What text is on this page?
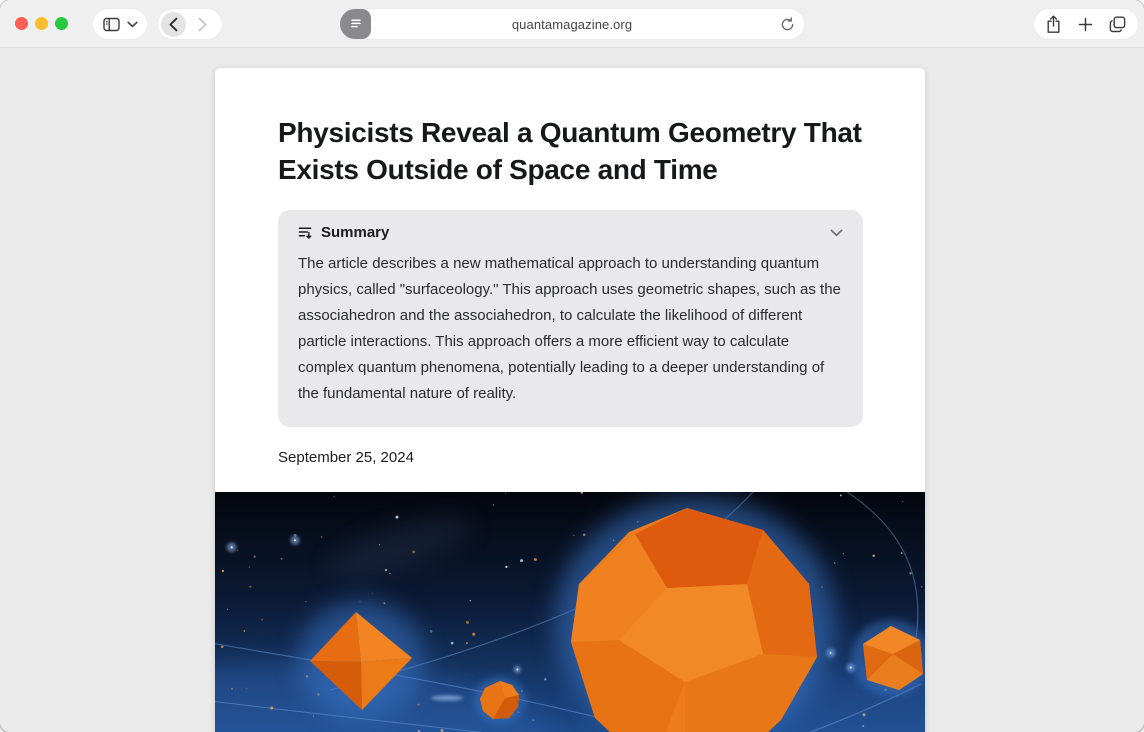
quantamagazine.org
Physicists Reveal a Quantum Geometry That Exists Outside of Space and Time
Summary

The article describes a new mathematical approach to understanding quantum physics, called "surfaceology." This approach uses geometric shapes, such as the associahedron and the associahedron, to calculate the likelihood of different particle interactions. This approach offers a more efficient way to calculate complex quantum phenomena, potentially leading to a deeper understanding of the fundamental nature of reality.

September 25, 2024
